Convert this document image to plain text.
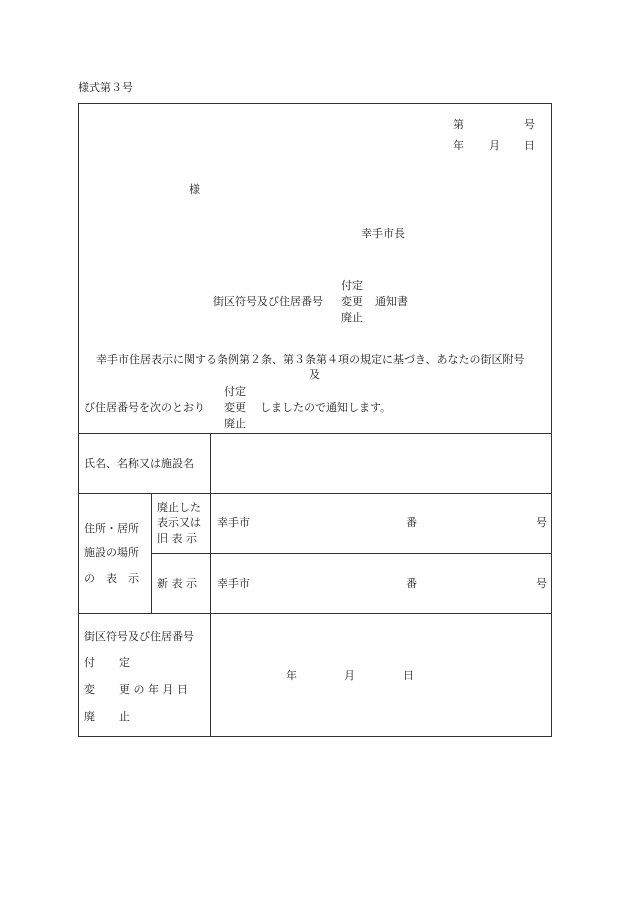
様式第３号
第	号
年 月 日
様
幸手市長
付定
街区符号及び住居番号 変更 通知書
廃止
幸手市住居表示に関する条例第２条、第３条第４項の規定に基づき、あなたの街区附号
及
付定
び住居番号を次のとおり 変更 しましたので通知します。
廃止
氏名、名称又は施設名
住所・居所
施設の場所
の　表　示
廃止した
表示又は
旧 表 示
幸手市	番	号
新 表 示 幸手市	番	号
街区符号及び住居番号
付 定
変 更 の 年 月 日
廃 止
年	月	日
